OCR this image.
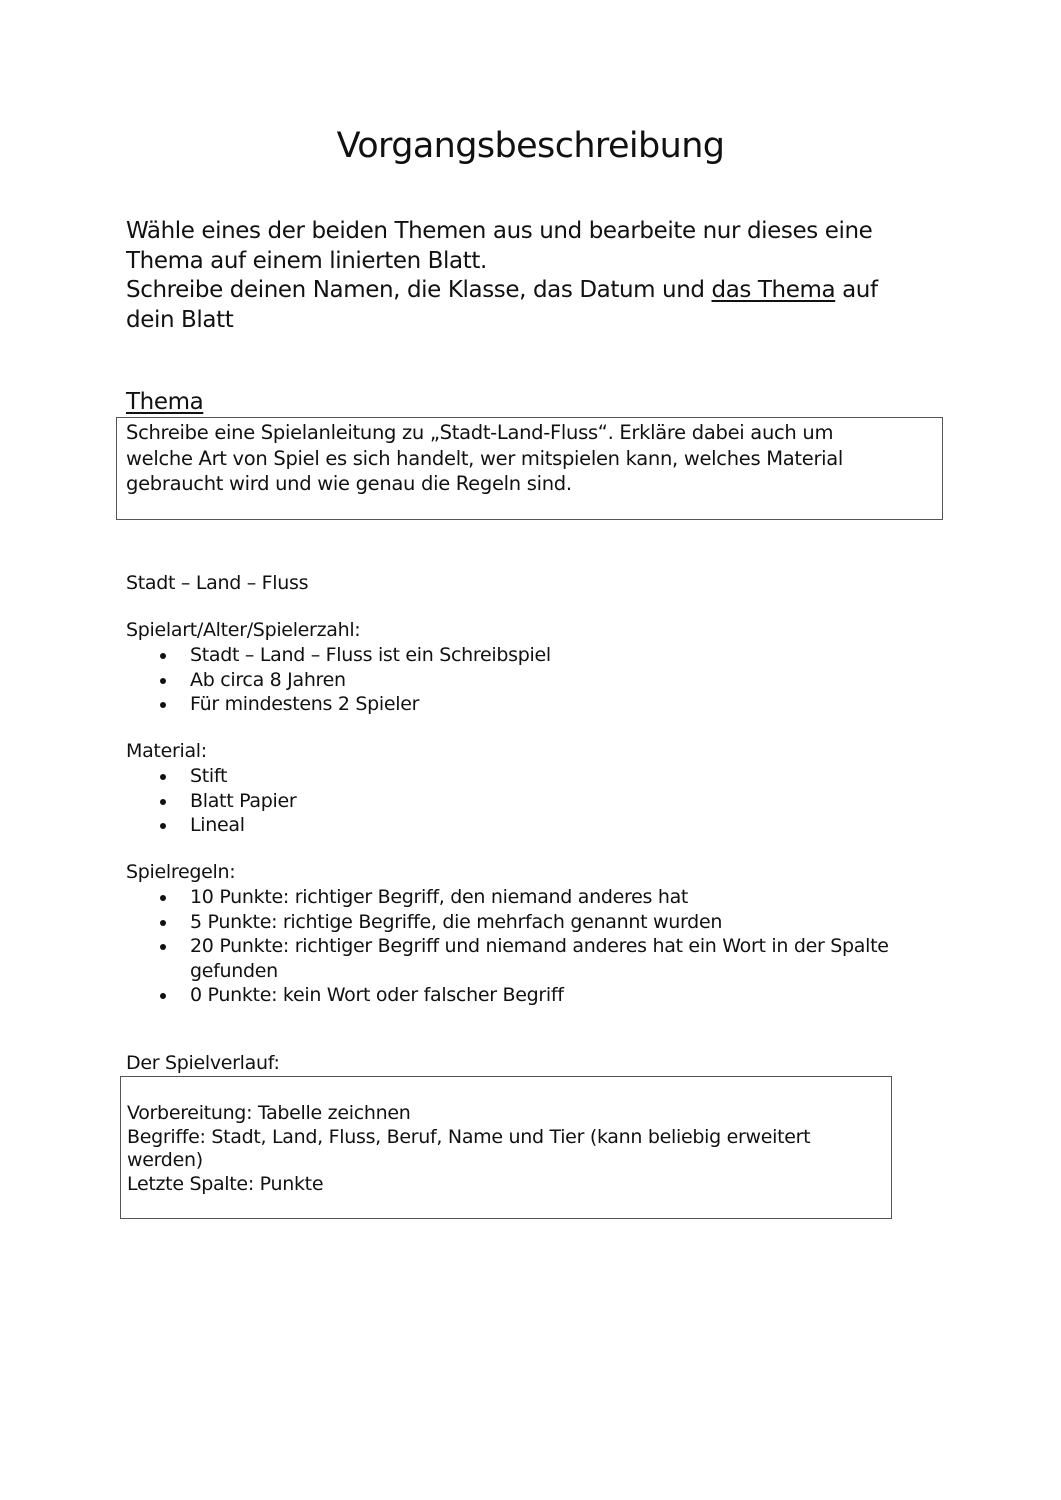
Vorgangsbeschreibung
Wähle eines der beiden Themen aus und bearbeite nur dieses eine
Thema auf einem linierten Blatt.
Schreibe deinen Namen, die Klasse, das Datum und das Thema auf
dein Blatt
Thema
Schreibe eine Spielanleitung zu „Stadt-Land-Fluss“. Erkläre dabei auch um
welche Art von Spiel es sich handelt, wer mitspielen kann, welches Material
gebraucht wird und wie genau die Regeln sind.
Stadt – Land – Fluss
Spielart/Alter/Spielerzahl:
Stadt – Land – Fluss ist ein Schreibspiel
Ab circa 8 Jahren
Für mindestens 2 Spieler
Material:
Stift
Blatt Papier
Lineal
Spielregeln:
10 Punkte: richtiger Begriff, den niemand anderes hat
5 Punkte: richtige Begriffe, die mehrfach genannt wurden
20 Punkte: richtiger Begriff und niemand anderes hat ein Wort in der Spalte
gefunden
0 Punkte: kein Wort oder falscher Begriff
Der Spielverlauf:
Vorbereitung: Tabelle zeichnen
Begriffe: Stadt, Land, Fluss, Beruf, Name und Tier (kann beliebig erweitert
werden)
Letzte Spalte: Punkte
